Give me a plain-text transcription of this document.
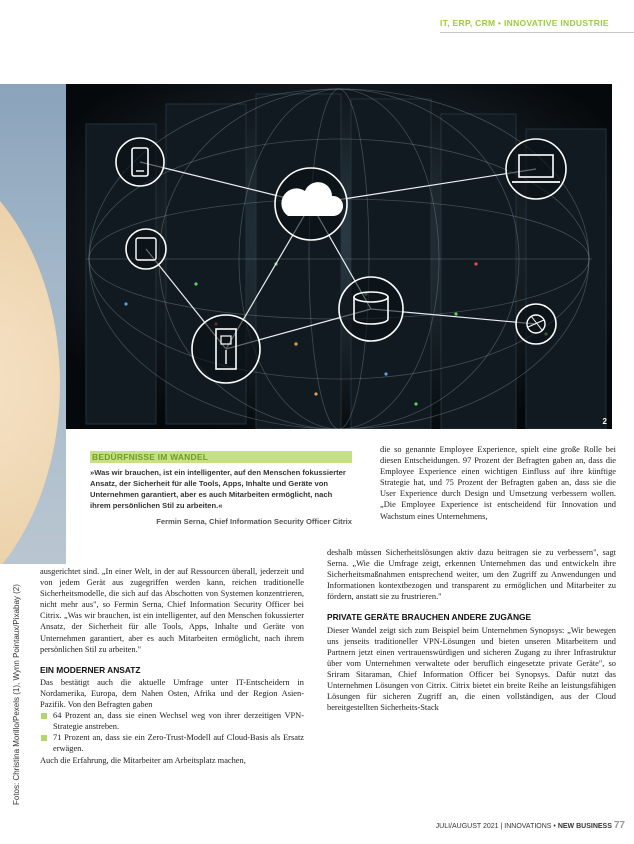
IT, ERP, CRM • INNOVATIVE INDUSTRIE
2
Fotos: Christina Morillo/Pexels (1), Wynn Pointaux/Pixabay (2)
BEDÜRFNISSE IM WANDEL
»Was wir brauchen, ist ein intelligenter, auf den Menschen fokussierter Ansatz, der Sicherheit für alle Tools, Apps, Inhalte und Geräte von Unternehmen garantiert, aber es auch Mitarbeiten ermöglicht, nach ihrem persönlichen Stil zu arbeiten.«
Fermin Serna, Chief Information Security Officer Citrix

ausgerichtet sind. „In einer Welt, in der auf Ressourcen überall, jederzeit und von jedem Gerät aus zugegriffen werden kann, reichen traditionelle Sicherheitsmodelle, die sich auf das Abschotten von Systemen konzentrieren, nicht mehr aus", so Fermin Serna, Chief Information Security Officer bei Citrix. „Was wir brauchen, ist ein intelligenter, auf den Menschen fokussierter Ansatz, der Sicherheit für alle Tools, Apps, Inhalte und Geräte von Unternehmen garantiert, aber es auch Mitarbeiten ermöglicht, nach ihrem persönlichen Stil zu arbeiten."

EIN MODERNER ANSATZ

Das bestätigt auch die aktuelle Umfrage unter IT-Entscheidern in Nordamerika, Europa, dem Nahen Osten, Afrika und der Region Asien-Pazifik. Von den Befragten gaben

64 Prozent an, dass sie einen Wechsel weg von ihrer derzeitigen VPN-Strategie anstreben.
71 Prozent an, dass sie ein Zero-Trust-Modell auf Cloud-Basis als Ersatz erwägen.

Auch die Erfahrung, die Mitarbeiter am Arbeitsplatz machen,

die so genannte Employee Experience, spielt eine große Rolle bei diesen Entscheidungen. 97 Prozent der Befragten gaben an, dass die Employee Experience einen wichtigen Einfluss auf ihre künftige Strategie hat, und 75 Prozent der Befragten gaben an, dass sie die User Experience durch Design und Umsetzung verbessern wollen. „Die Employee Experience ist entscheidend für Innovation und Wachstum eines Unternehmens,

deshalb müssen Sicherheitslösungen aktiv dazu beitragen sie zu verbessern", sagt Serna. „Wie die Umfrage zeigt, erkennen Unternehmen das und entwickeln ihre Sicherheitsmaßnahmen entsprechend weiter, um den Zugriff zu Anwendungen und Informationen kontextbezogen und transparent zu ermöglichen und Mitarbeiter zu fördern, anstatt sie zu frustrieren."

PRIVATE GERÄTE BRAUCHEN ANDERE ZUGÄNGE

Dieser Wandel zeigt sich zum Beispiel beim Unternehmen Synopsys: „Wir bewegen uns jenseits traditioneller VPN-Lösungen und bieten unseren Mitarbeitern und Partnern jetzt einen vertrauenswürdigen und sicheren Zugang zu ihrer Infrastruktur über vom Unternehmen verwaltete oder beruflich eingesetzte private Geräte", so Sriram Sitaraman, Chief Information Officer bei Synopsys. Dafür nutzt das Unternehmen Lösungen von Citrix. Citrix bietet ein breite Reihe an leistungsfähigen Lösungen für sicheren Zugriff an, die einen vollständigen, aus der Cloud bereitgestellten Sicherheits-Stack

JULI/AUGUST 2021 | INNOVATIONS • NEW BUSINESS 77
